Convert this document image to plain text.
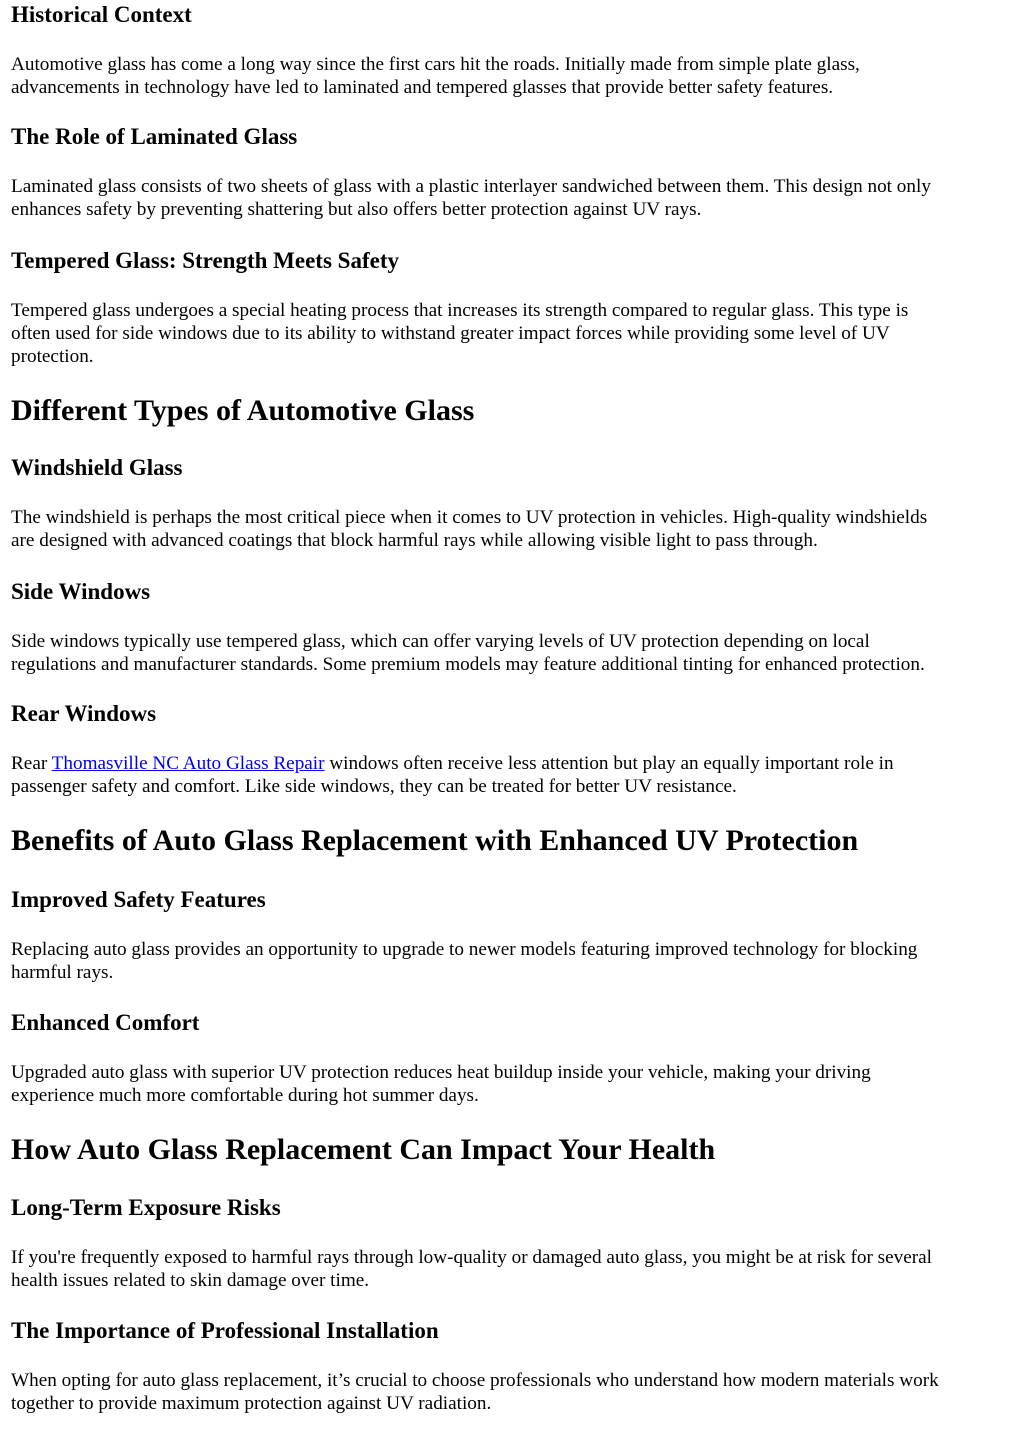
Historical Context

Automotive glass has come a long way since the first cars hit the roads. Initially made from simple plate glass,

advancements in technology have led to laminated and tempered glasses that provide better safety features.

The Role of Laminated Glass

Laminated glass consists of two sheets of glass with a plastic interlayer sandwiched between them. This design not only

enhances safety by preventing shattering but also offers better protection against UV rays.

Tempered Glass: Strength Meets Safety

Tempered glass undergoes a special heating process that increases its strength compared to regular glass. This type is

often used for side windows due to its ability to withstand greater impact forces while providing some level of UV

protection.

Different Types of Automotive Glass
Windshield Glass

The windshield is perhaps the most critical piece when it comes to UV protection in vehicles. High-quality windshields

are designed with advanced coatings that block harmful rays while allowing visible light to pass through.

Side Windows

Side windows typically use tempered glass, which can offer varying levels of UV protection depending on local

regulations and manufacturer standards. Some premium models may feature additional tinting for enhanced protection.

Rear Windows

Rear Thomasville NC Auto Glass Repair windows often receive less attention but play an equally important role in

passenger safety and comfort. Like side windows, they can be treated for better UV resistance.

Benefits of Auto Glass Replacement with Enhanced UV Protection
Improved Safety Features

Replacing auto glass provides an opportunity to upgrade to newer models featuring improved technology for blocking

harmful rays.

Enhanced Comfort

Upgraded auto glass with superior UV protection reduces heat buildup inside your vehicle, making your driving

experience much more comfortable during hot summer days.

How Auto Glass Replacement Can Impact Your Health
Long-Term Exposure Risks

If you're frequently exposed to harmful rays through low-quality or damaged auto glass, you might be at risk for several

health issues related to skin damage over time.

The Importance of Professional Installation

When opting for auto glass replacement, it’s crucial to choose professionals who understand how modern materials work

together to provide maximum protection against UV radiation.
